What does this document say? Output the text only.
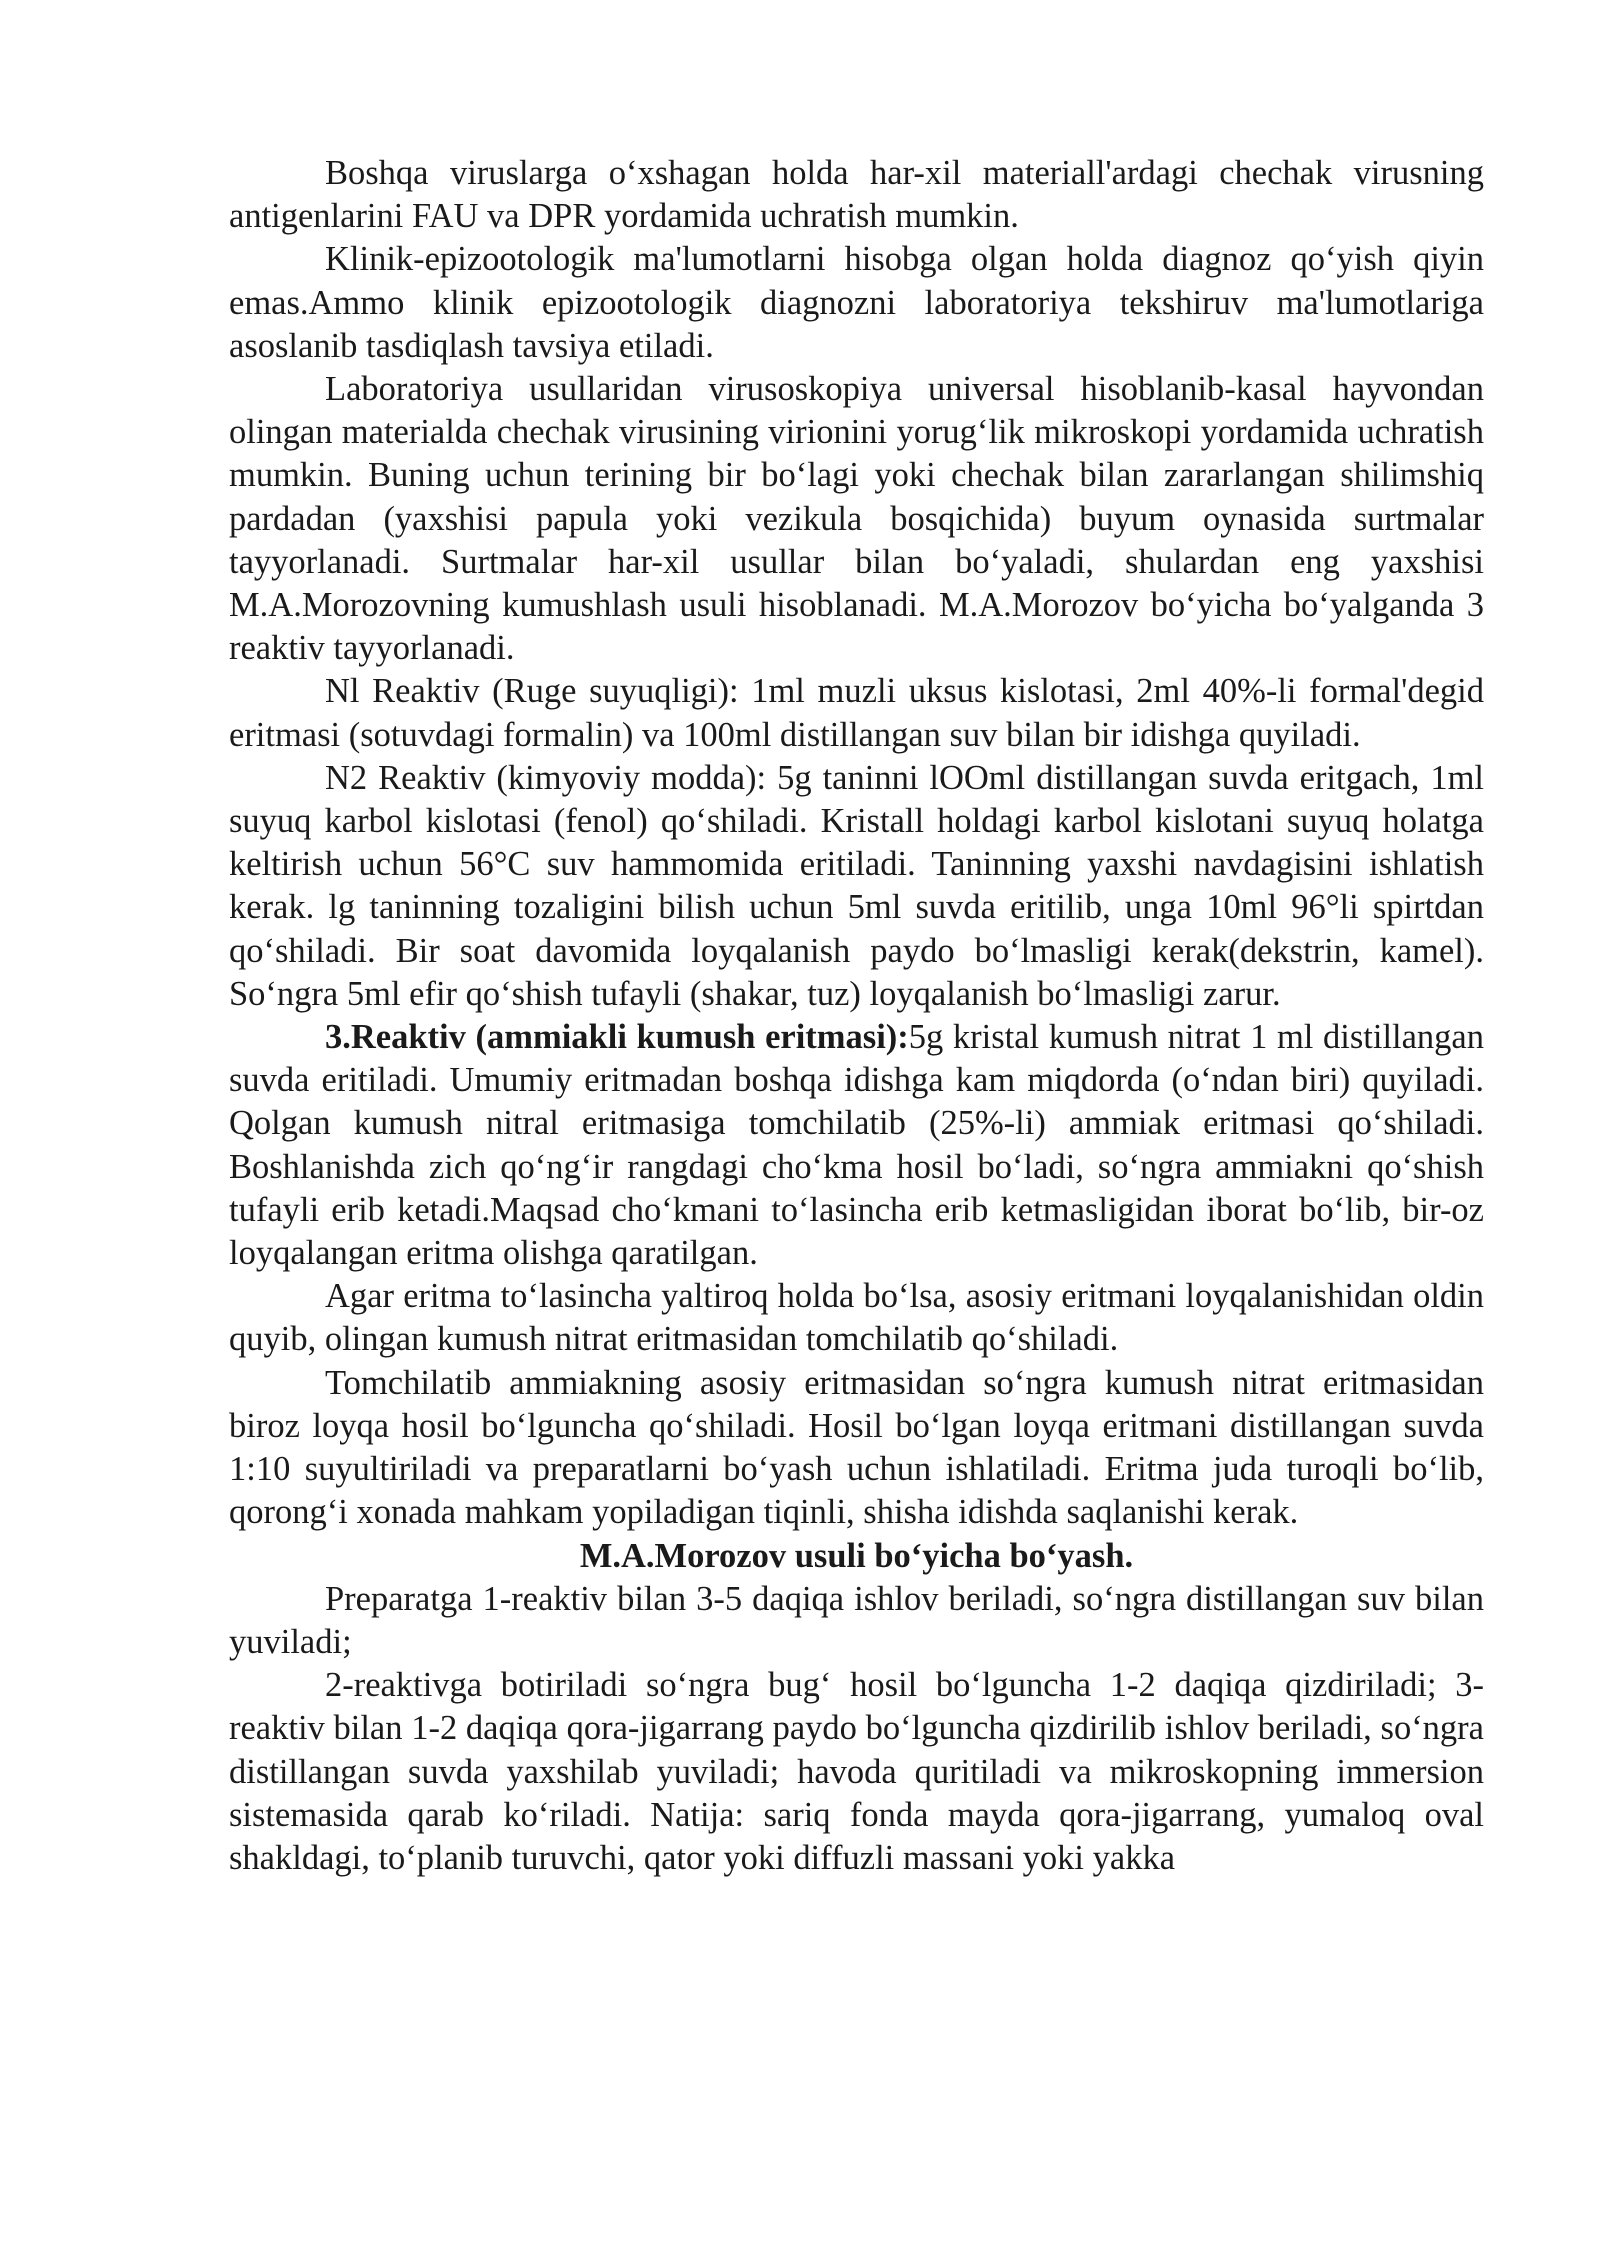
Boshqa viruslarga o‘xshagan holda har-xil materiall'ardagi chechak virusning antigenlarini FAU va DPR yordamida uchratish mumkin.

Klinik-epizootologik ma'lumotlarni hisobga olgan holda diagnoz qo‘yish qiyin emas.Ammo klinik epizootologik diagnozni laboratoriya tekshiruv ma'lumotlariga asoslanib tasdiqlash tavsiya etiladi.

Laboratoriya usullaridan virusoskopiya universal hisoblanib-kasal hayvondan olingan materialda chechak virusining virionini yorug‘lik mikroskopi yordamida uchratish mumkin. Buning uchun terining bir bo‘lagi yoki chechak bilan zararlangan shilimshiq pardadan (yaxshisi papula yoki vezikula bosqichida) buyum oynasida surtmalar tayyorlanadi. Surtmalar har-xil usullar bilan bo‘yaladi, shulardan eng yaxshisi M.A.Morozovning kumushlash usuli hisoblanadi. M.A.Morozov bo‘yicha bo‘yalganda 3 reaktiv tayyorlanadi.

Nl Reaktiv (Ruge suyuqligi): 1ml muzli uksus kislotasi, 2ml 40%-li formal'degid eritmasi (sotuvdagi formalin) va 100ml distillangan suv bilan bir idishga quyiladi.

N2 Reaktiv (kimyoviy modda): 5g taninni lOOml distillangan suvda eritgach, 1ml suyuq karbol kislotasi (fenol) qo‘shiladi. Kristall holdagi karbol kislotani suyuq holatga keltirish uchun 56°C suv hammomida eritiladi. Taninning yaxshi navdagisini ishlatish kerak. lg taninning tozaligini bilish uchun 5ml suvda eritilib, unga 10ml 96°li spirtdan qo‘shiladi. Bir soat davomida loyqalanish paydo bo‘lmasligi kerak(dekstrin, kamel). So‘ngra 5ml efir qo‘shish tufayli (shakar, tuz) loyqalanish bo‘lmasligi zarur.

3.Reaktiv (ammiakli kumush eritmasi):5g kristal kumush nitrat 1 ml distillangan suvda eritiladi. Umumiy eritmadan boshqa idishga kam miqdorda (o‘ndan biri) quyiladi. Qolgan kumush nitral eritmasiga tomchilatib (25%-li) ammiak eritmasi qo‘shiladi. Boshlanishda zich qo‘ng‘ir rangdagi cho‘kma hosil bo‘ladi, so‘ngra ammiakni qo‘shish tufayli erib ketadi.Maqsad cho‘kmani to‘lasincha erib ketmasligidan iborat bo‘lib, bir-oz loyqalangan eritma olishga qaratilgan.

Agar eritma to‘lasincha yaltiroq holda bo‘lsa, asosiy eritmani loyqalanishidan oldin quyib, olingan kumush nitrat eritmasidan tomchilatib qo‘shiladi.

Tomchilatib ammiakning asosiy eritmasidan so‘ngra kumush nitrat eritmasidan biroz loyqa hosil bo‘lguncha qo‘shiladi. Hosil bo‘lgan loyqa eritmani distillangan suvda 1:10 suyultiriladi va preparatlarni bo‘yash uchun ishlatiladi. Eritma juda turoqli bo‘lib, qorong‘i xonada mahkam yopiladigan tiqinli, shisha idishda saqlanishi kerak.

M.A.Morozov usuli bo‘yicha bo‘yash.

Preparatga 1-reaktiv bilan 3-5 daqiqa ishlov beriladi, so‘ngra distillangan suv bilan yuviladi;

2-reaktivga botiriladi so‘ngra bug‘ hosil bo‘lguncha 1-2 daqiqa qizdiriladi; 3-reaktiv bilan 1-2 daqiqa qora-jigarrang paydo bo‘lguncha qizdirilib ishlov beriladi, so‘ngra distillangan suvda yaxshilab yuviladi; havoda quritiladi va mikroskopning immersion sistemasida qarab ko‘riladi. Natija: sariq fonda mayda qora-jigarrang, yumaloq oval shakldagi, to‘planib turuvchi, qator yoki diffuzli massani yoki yakka
